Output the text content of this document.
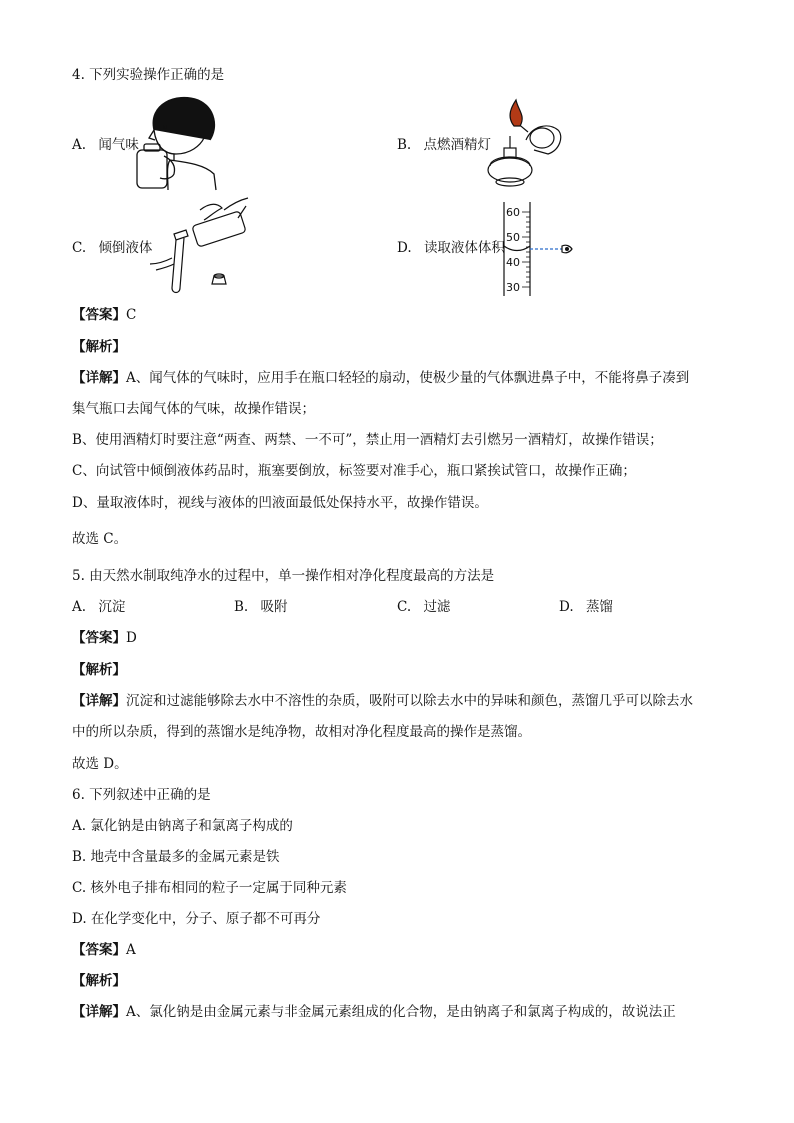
4. 下列实验操作正确的是
A. 闻气味	B. 点燃酒精灯
C. 倾倒液体	D. 读取液体体积
60
50
40
30
【答案】C
【解析】
【详解】A、闻气体的气味时，应用手在瓶口轻轻的扇动，使极少量的气体飘进鼻子中，不能将鼻子凑到
集气瓶口去闻气体的气味，故操作错误；
B、使用酒精灯时要注意“两查、两禁、一不可”，禁止用一酒精灯去引燃另一酒精灯，故操作错误；
C、向试管中倾倒液体药品时，瓶塞要倒放，标签要对准手心，瓶口紧挨试管口，故操作正确；
D、量取液体时，视线与液体的凹液面最低处保持水平，故操作错误。
故选 C。
5. 由天然水制取纯净水的过程中，单一操作相对净化程度最高的方法是
A. 沉淀	B. 吸附	C. 过滤	D. 蒸馏
【答案】D
【解析】
【详解】沉淀和过滤能够除去水中不溶性的杂质，吸附可以除去水中的异味和颜色，蒸馏几乎可以除去水
中的所以杂质，得到的蒸馏水是纯净物，故相对净化程度最高的操作是蒸馏。
故选 D。
6. 下列叙述中正确的是
A. 氯化钠是由钠离子和氯离子构成的
B. 地壳中含量最多的金属元素是铁
C. 核外电子排布相同的粒子一定属于同种元素
D. 在化学变化中，分子、原子都不可再分
【答案】A
【解析】
【详解】A、氯化钠是由金属元素与非金属元素组成的化合物，是由钠离子和氯离子构成的，故说法正
